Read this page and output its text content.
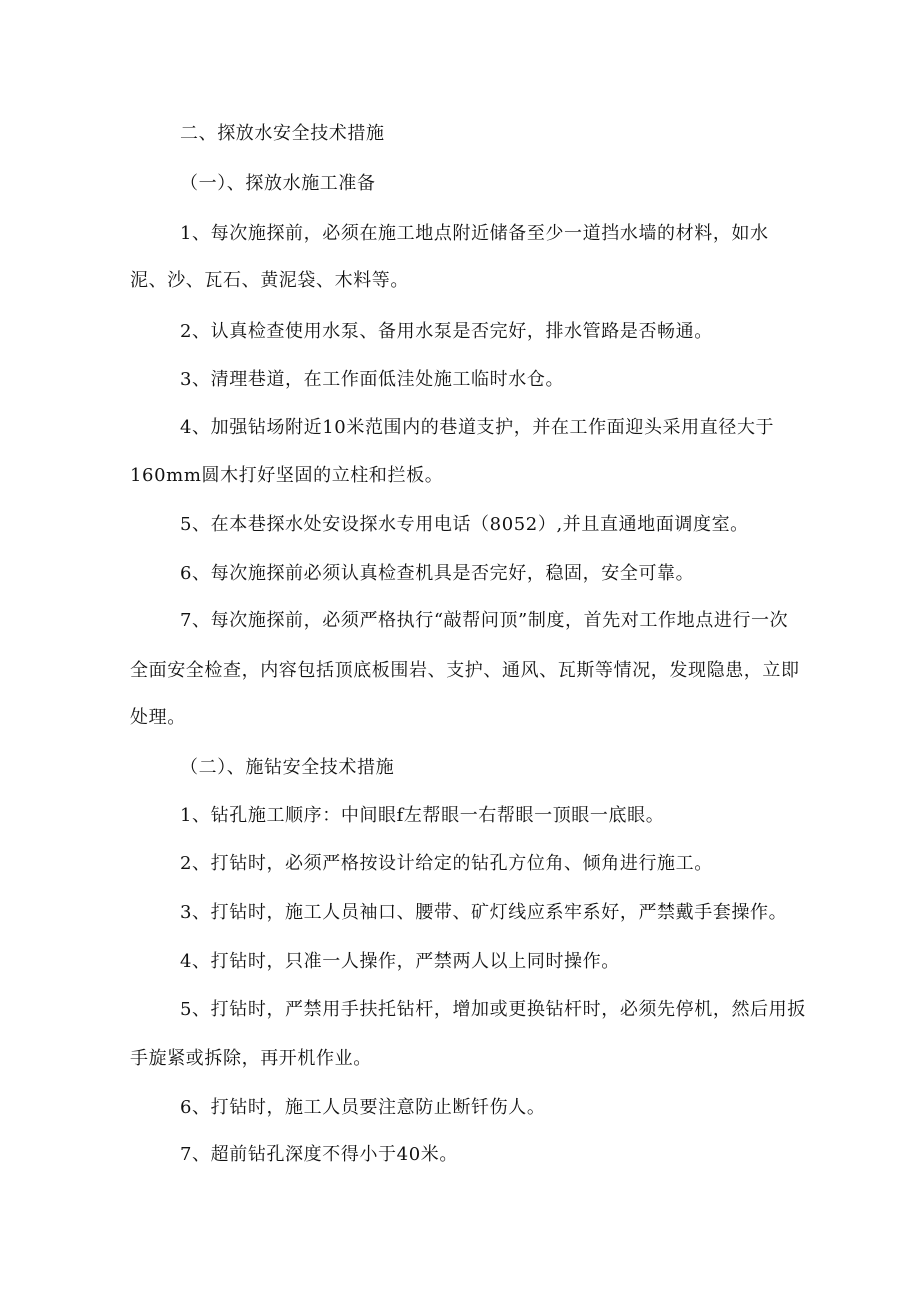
二、探放水安全技术措施
（一）、探放水施工准备
1、每次施探前，必须在施工地点附近储备至少一道挡水墙的材料，如水
泥、沙、瓦石、黄泥袋、木料等。
2、认真检查使用水泵、备用水泵是否完好，排水管路是否畅通。
3、清理巷道，在工作面低洼处施工临时水仓。
4、加强钻场附近10米范围内的巷道支护，并在工作面迎头采用直径大于
160mm圆木打好坚固的立柱和拦板。
5、在本巷探水处安设探水专用电话（8052）,并且直通地面调度室。
6、每次施探前必须认真检查机具是否完好，稳固，安全可靠。
7、每次施探前，必须严格执行“敲帮问顶”制度，首先对工作地点进行一次
全面安全检查，内容包括顶底板围岩、支护、通风、瓦斯等情况，发现隐患，立即
处理。
（二）、施钻安全技术措施
1、钻孔施工顺序：中间眼f左帮眼一右帮眼一顶眼一底眼。
2、打钻时，必须严格按设计给定的钻孔方位角、倾角进行施工。
3、打钻时，施工人员袖口、腰带、矿灯线应系牢系好，严禁戴手套操作。
4、打钻时，只准一人操作，严禁两人以上同时操作。
5、打钻时，严禁用手扶托钻杆，增加或更换钻杆时，必须先停机，然后用扳
手旋紧或拆除，再开机作业。
6、打钻时，施工人员要注意防止断钎伤人。
7、超前钻孔深度不得小于40米。
